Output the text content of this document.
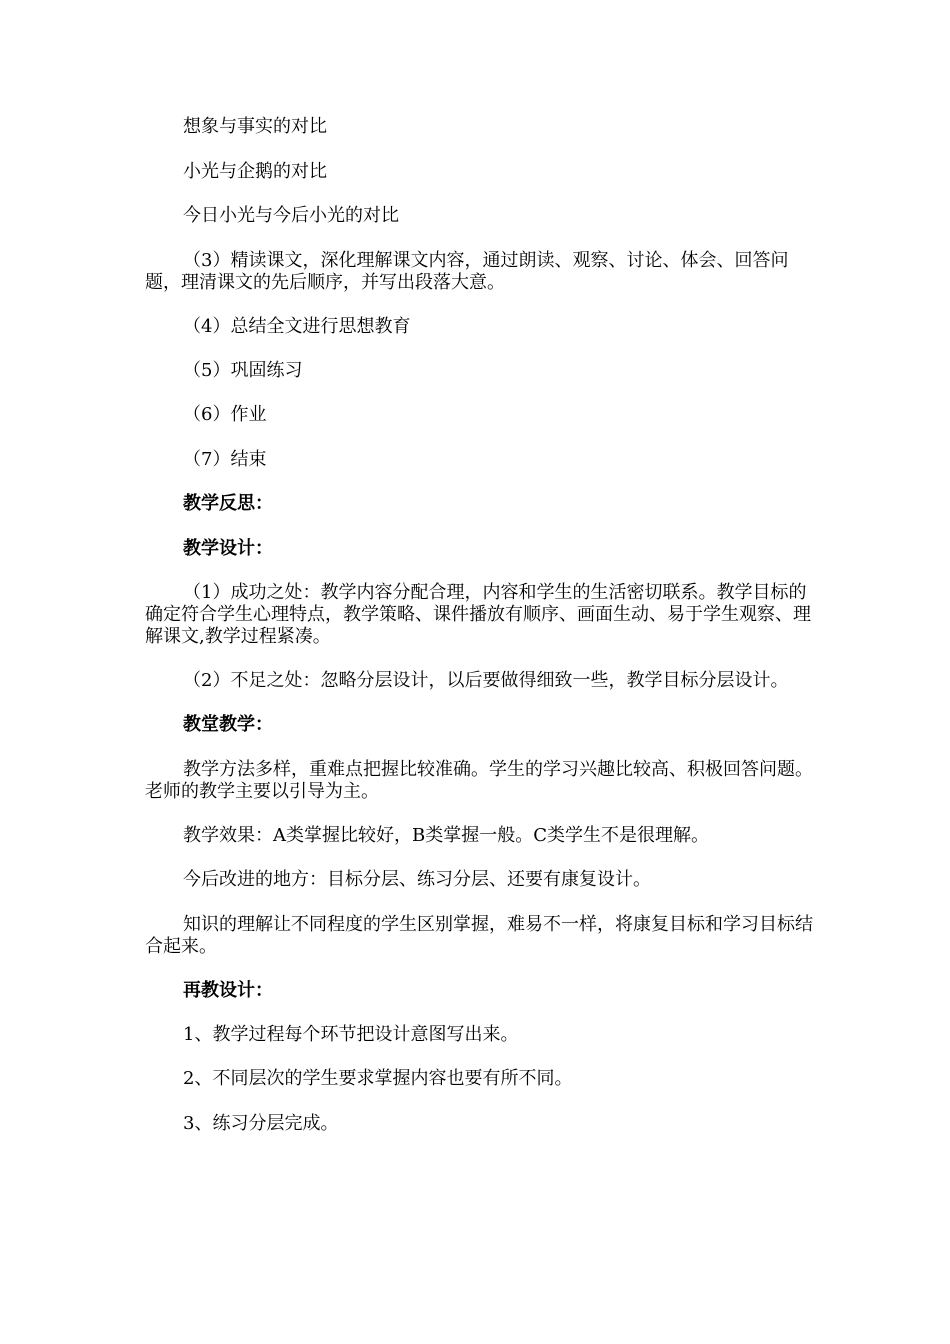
想象与事实的对比

小光与企鹅的对比

今日小光与今后小光的对比

（3）精读课文，深化理解课文内容，通过朗读、观察、讨论、体会、回答问题，理清课文的先后顺序，并写出段落大意。

（4）总结全文进行思想教育

（5）巩固练习

（6）作业

（7）结束

教学反思：

教学设计：

（1）成功之处：教学内容分配合理，内容和学生的生活密切联系。教学目标的确定符合学生心理特点，教学策略、课件播放有顺序、画面生动、易于学生观察、理解课文,教学过程紧凑。

（2）不足之处：忽略分层设计，以后要做得细致一些，教学目标分层设计。

教堂教学：

教学方法多样，重难点把握比较准确。学生的学习兴趣比较高、积极回答问题。老师的教学主要以引导为主。

教学效果：A类掌握比较好，B类掌握一般。C类学生不是很理解。

今后改进的地方：目标分层、练习分层、还要有康复设计。

知识的理解让不同程度的学生区别掌握，难易不一样，将康复目标和学习目标结合起来。

再教设计：

1、教学过程每个环节把设计意图写出来。

2、不同层次的学生要求掌握内容也要有所不同。

3、练习分层完成。
